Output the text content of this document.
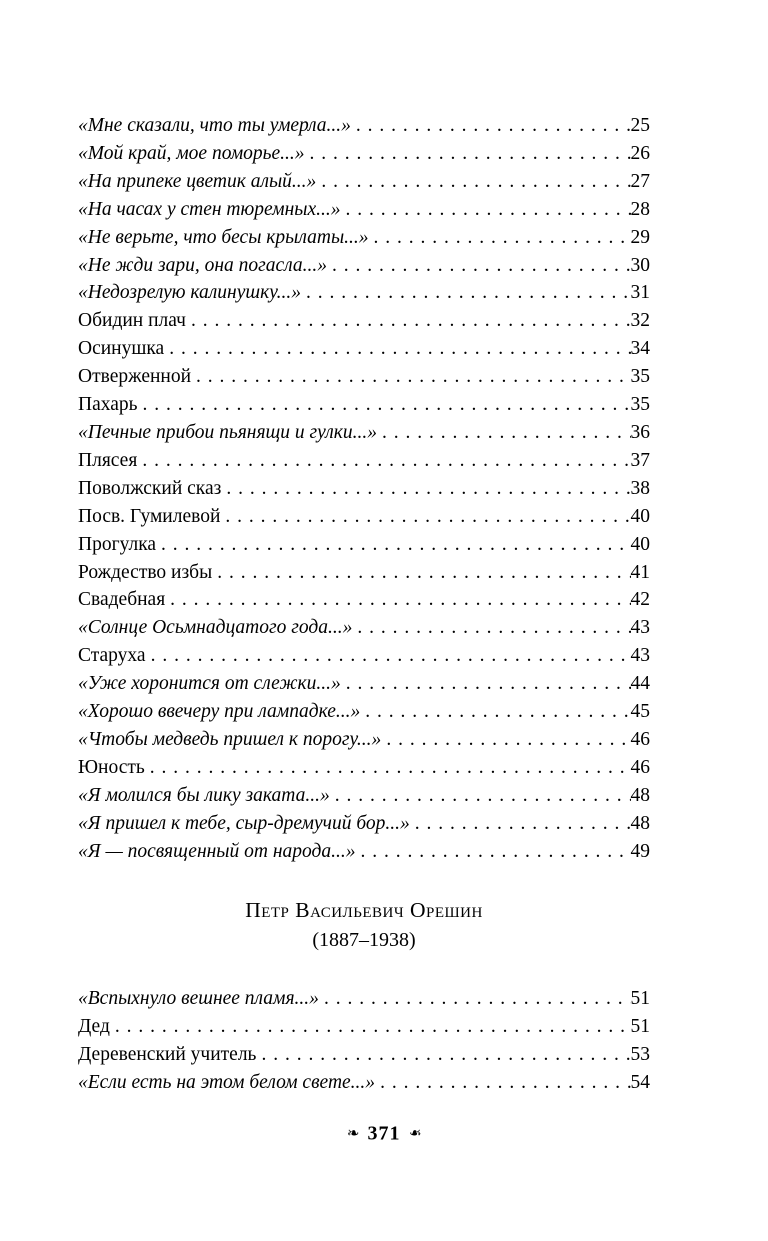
«Мне сказали, что ты умерла...» . . .	25
«Мой край, мое поморье...» . . .	26
«На припеке цветик алый...» . . .	27
«На часах у стен тюремных...» . . .	28
«Не верьте, что бесы крылаты...» . . .	29
«Не жди зари, она погасла...» . . .	30
«Недозрелую калинушку...» . . .	31
Обидин плач . . .	32
Осинушка . . .	34
Отверженной . . .	35
Пахарь . . .	35
«Печные прибои пьянящи и гулки...» . . .	36
Плясея . . .	37
Поволжский сказ . . .	38
Посв. Гумилевой . . .	40
Прогулка . . .	40
Рождество избы . . .	41
Свадебная . . .	42
«Солнце Осьмнадцатого года...» . . .	43
Старуха . . .	43
«Уже хоронится от слежки...» . . .	44
«Хорошо ввечеру при лампадке...» . . .	45
«Чтобы медведь пришел к порогу...» . . .	46
Юность . . .	46
«Я молился бы лику заката...» . . .	48
«Я пришел к тебе, сыр-дремучий бор...» . . .	48
«Я — посвященный от народа...» . . .	49
Петр Васильевич Орешин
(1887–1938)
«Вспыхнуло вешнее пламя...» . . .	51
Дед . . .	51
Деревенский учитель . . .	53
«Если есть на этом белом свете...» . . .	54
❧ 371 ❧
